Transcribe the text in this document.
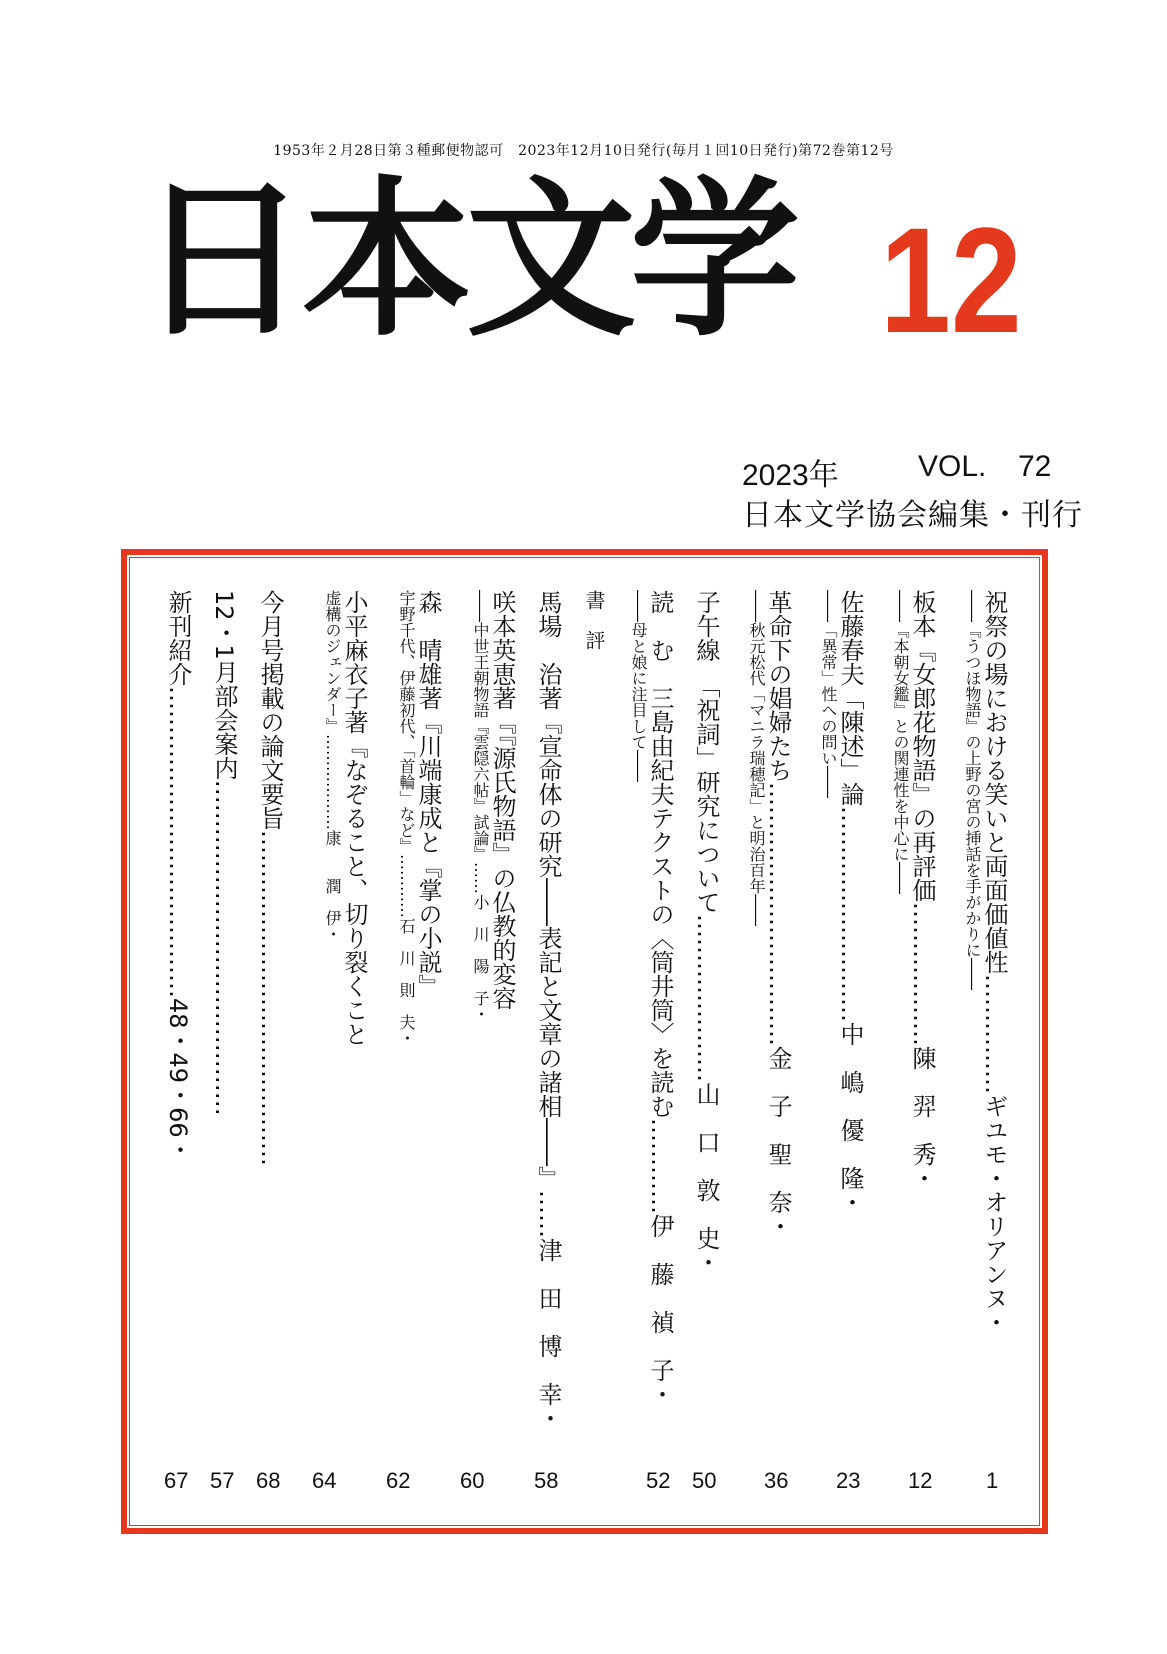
1953年２月28日第３種郵便物認可　2023年12月10日発行(毎月１回10日発行)第72巻第12号
日本文学 12
2023年	VOL. 72
日本文学協会編集・刊行
祝祭の場における笑いと両面価値性……………ギユモ・オリアンヌ・
――『うつほ物語』の上野の宮の挿話を手がかりに――
板本『女郎花物語』の再評価………………陳　羿　秀・
――『本朝女鑑』との関連性を中心に――
佐藤春夫「陳述」論………………………中　嶋　優　隆・
――「異常」性への問い――
革命下の娼婦たち……………………………金　子　聖　奈・
――秋元松代「マニラ瑞穂記」と明治百年――
子午線　「祝詞」研究について…………………山　口　敦　史・
読　む　三島由紀夫テクストの〈筒井筒〉を読む…………伊　藤　禎　子・
――母と娘に注目して――
書　評
馬場　治著『宣命体の研究――表記と文章の諸相――』……津　田　博　幸・
咲本英恵著『『源氏物語』の仏教的変容
――中世王朝物語『雲隠六帖』試論』……小　川　陽　子・
森　晴雄著『川端康成と『掌の小説』
宇野千代、伊藤初代、「首輪」など』…………石　川　則　夫・
小平麻衣子著『なぞること、切り裂くこと
虚構のジェンダー』………………康　　潤　伊・
今月号掲載の論文要旨……………………………………
12・1月部会案内……………………………………
新刊紹介…………………………………48・49・66・
1
12
23
36
50
52
58
60
62
64
68
57
67
